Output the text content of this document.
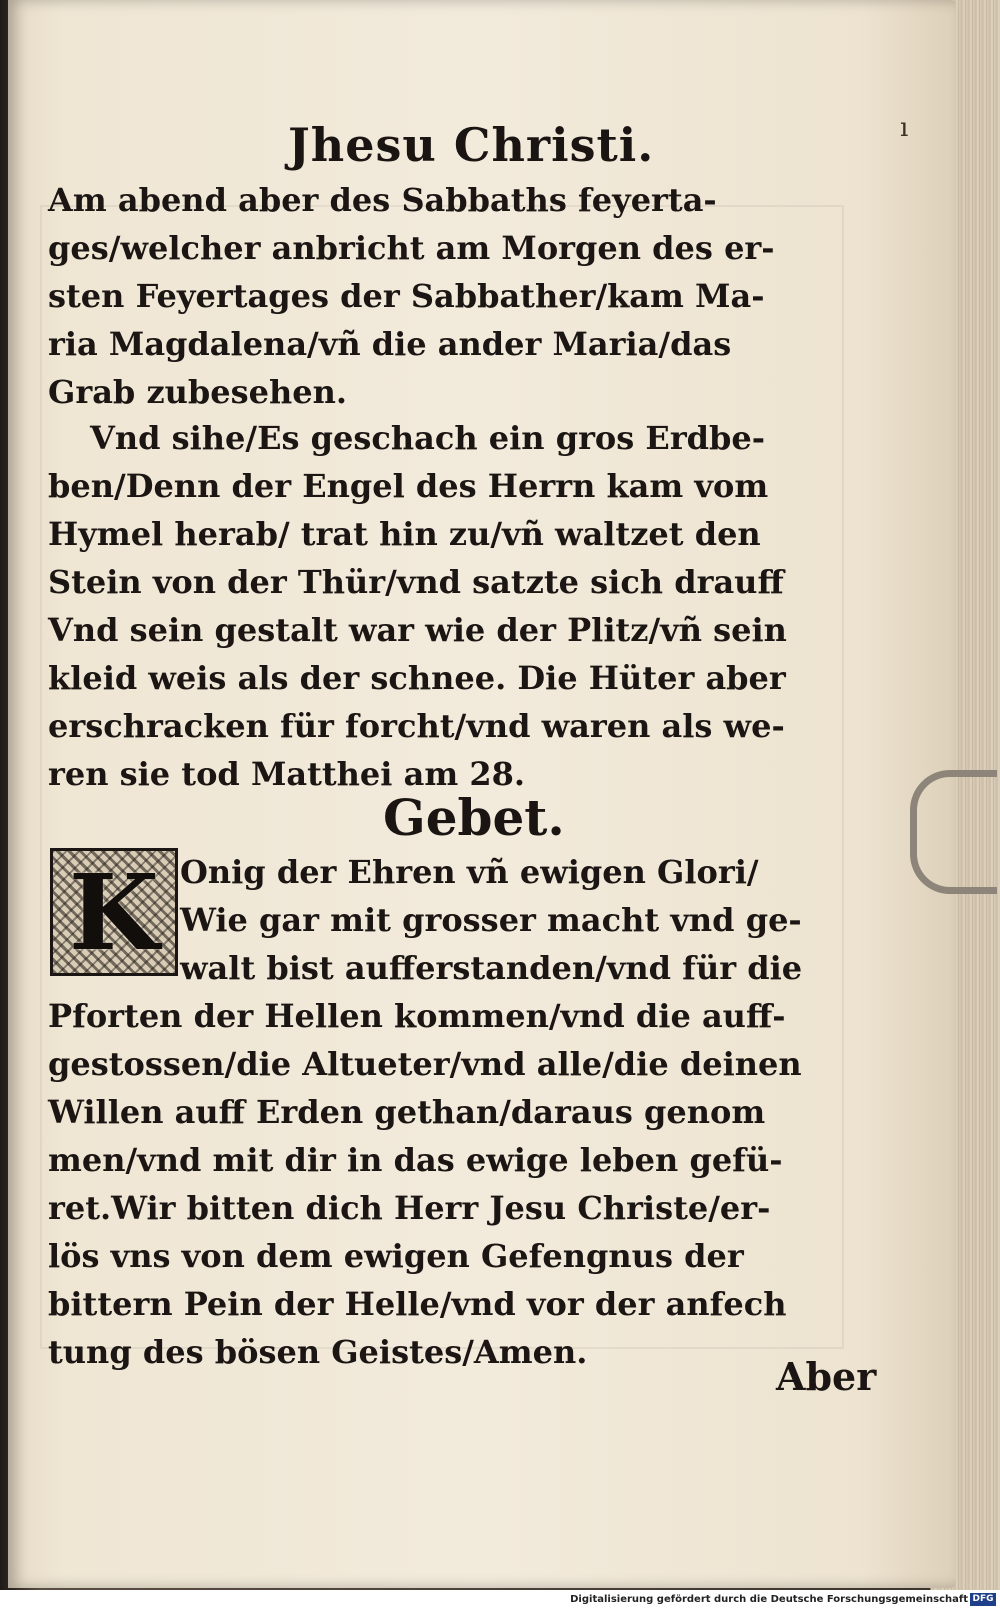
ı
Jhesu Christi.
Am abend aber des Sabbaths feyerta-
ges/welcher anbricht am Morgen des er-
sten Feyertages der Sabbather/kam Ma-
ria Magdalena/vñ die ander Maria/das
Grab zubesehen.
Vnd sihe/Es geschach ein gros Erdbe-
ben/Denn der Engel des Herrn kam vom
Hymel herab/ trat hin zu/vñ waltzet den
Stein von der Thür/vnd satzte sich drauff
Vnd sein gestalt war wie der Plitz/vñ sein
kleid weis als der schnee. Die Hüter aber
erschracken für forcht/vnd waren als we-
ren sie tod Matthei am 28.
Gebet.
K Onig der Ehren vñ ewigen Glori/
Wie gar mit grosser macht vnd ge-
walt bist aufferstanden/vnd für die
Pforten der Hellen kommen/vnd die auff-
gestossen/die Altueter/vnd alle/die deinen
Willen auff Erden gethan/daraus genom
men/vnd mit dir in das ewige leben gefü-
ret.Wir bitten dich Herr Jesu Christe/er-
lös vns von dem ewigen Gefengnus der
bittern Pein der Helle/vnd vor der anfech
tung des bösen Geistes/Amen.
Aber
Digitalisierung gefördert durch die Deutsche Forschungsgemeinschaft DFG
